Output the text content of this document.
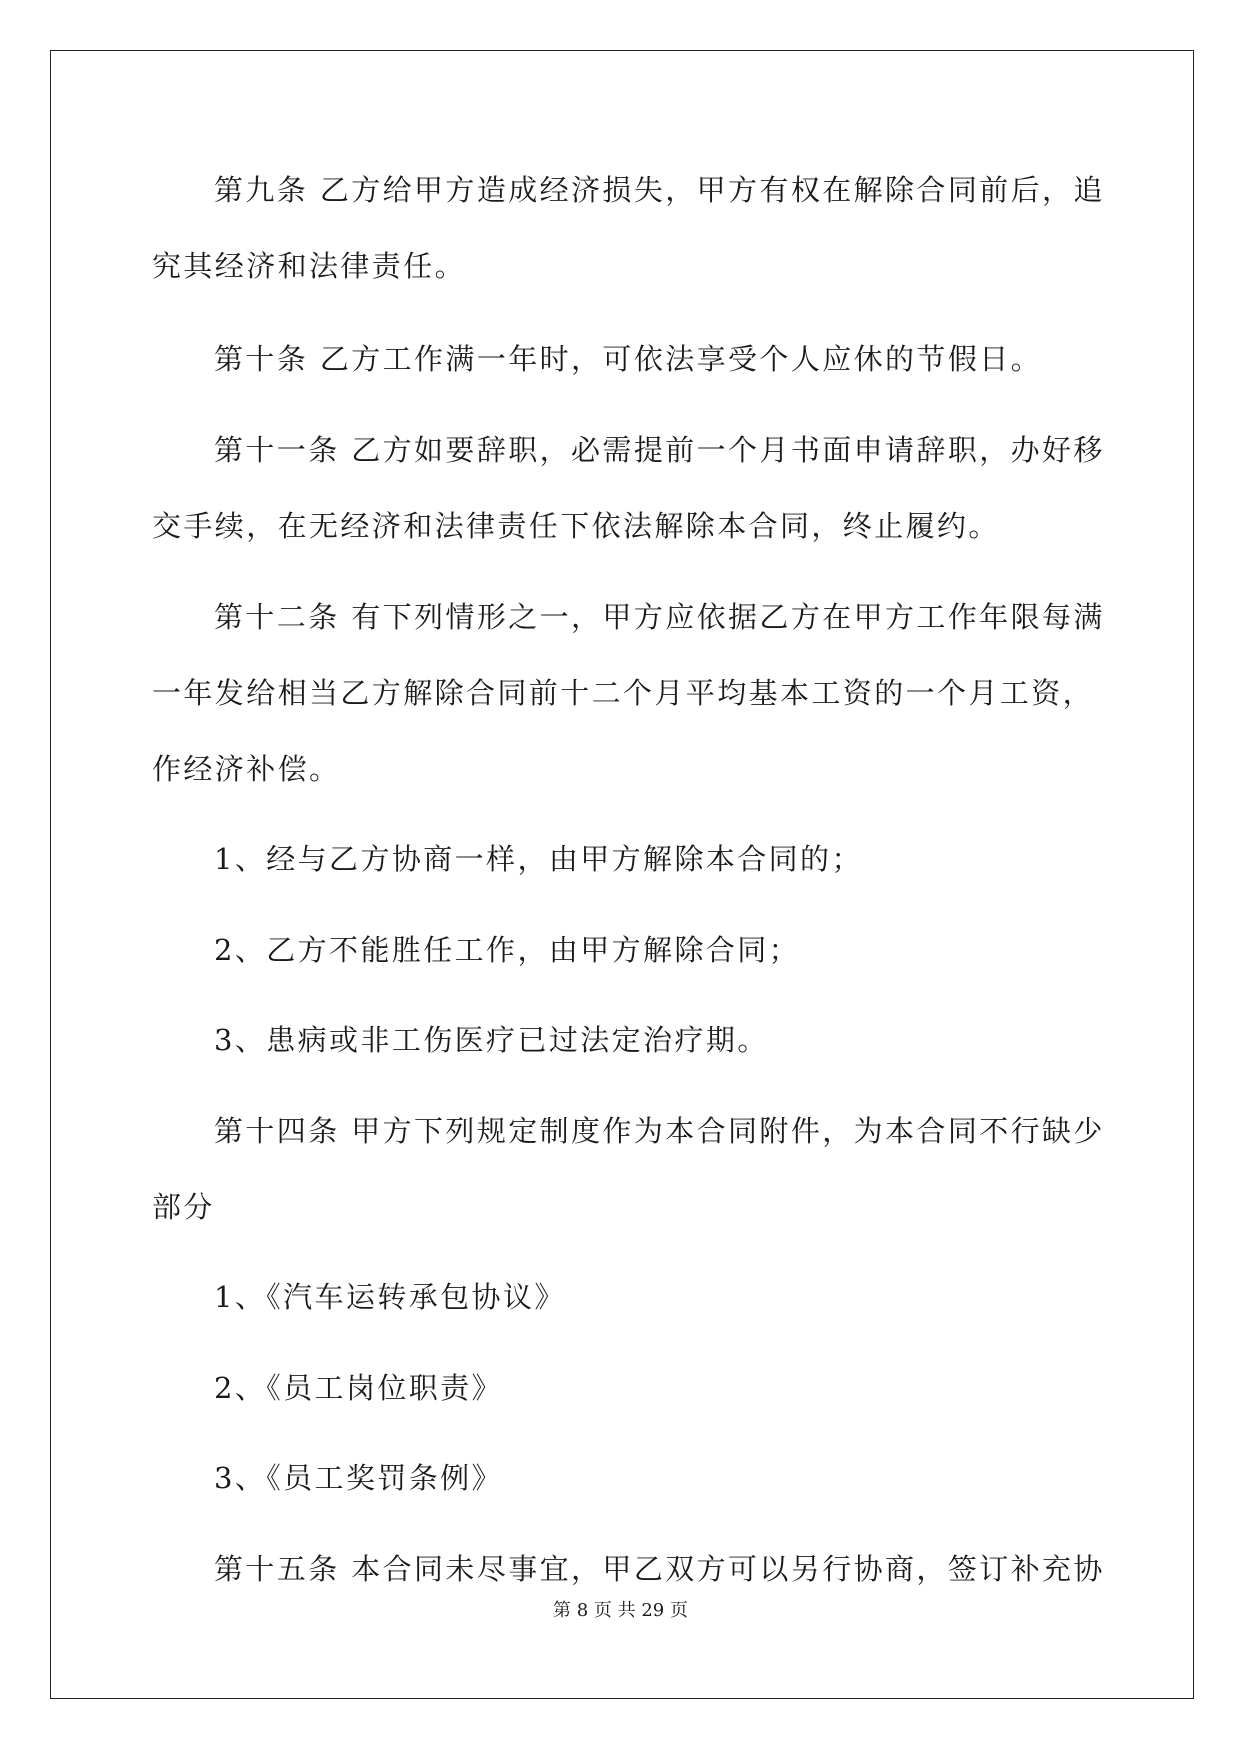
第九条 乙方给甲方造成经济损失，甲方有权在解除合同前后，追
究其经济和法律责任。
第十条 乙方工作满一年时，可依法享受个人应休的节假日。
第十一条 乙方如要辞职，必需提前一个月书面申请辞职，办好移
交手续，在无经济和法律责任下依法解除本合同，终止履约。
第十二条 有下列情形之一，甲方应依据乙方在甲方工作年限每满
一年发给相当乙方解除合同前十二个月平均基本工资的一个月工资，
作经济补偿。
1、经与乙方协商一样，由甲方解除本合同的；
2、乙方不能胜任工作，由甲方解除合同；
3、患病或非工伤医疗已过法定治疗期。
第十四条 甲方下列规定制度作为本合同附件，为本合同不行缺少
部分
1、《汽车运转承包协议》
2、《员工岗位职责》
3、《员工奖罚条例》
第十五条 本合同未尽事宜，甲乙双方可以另行协商，签订补充协
第 8 页 共 29 页
